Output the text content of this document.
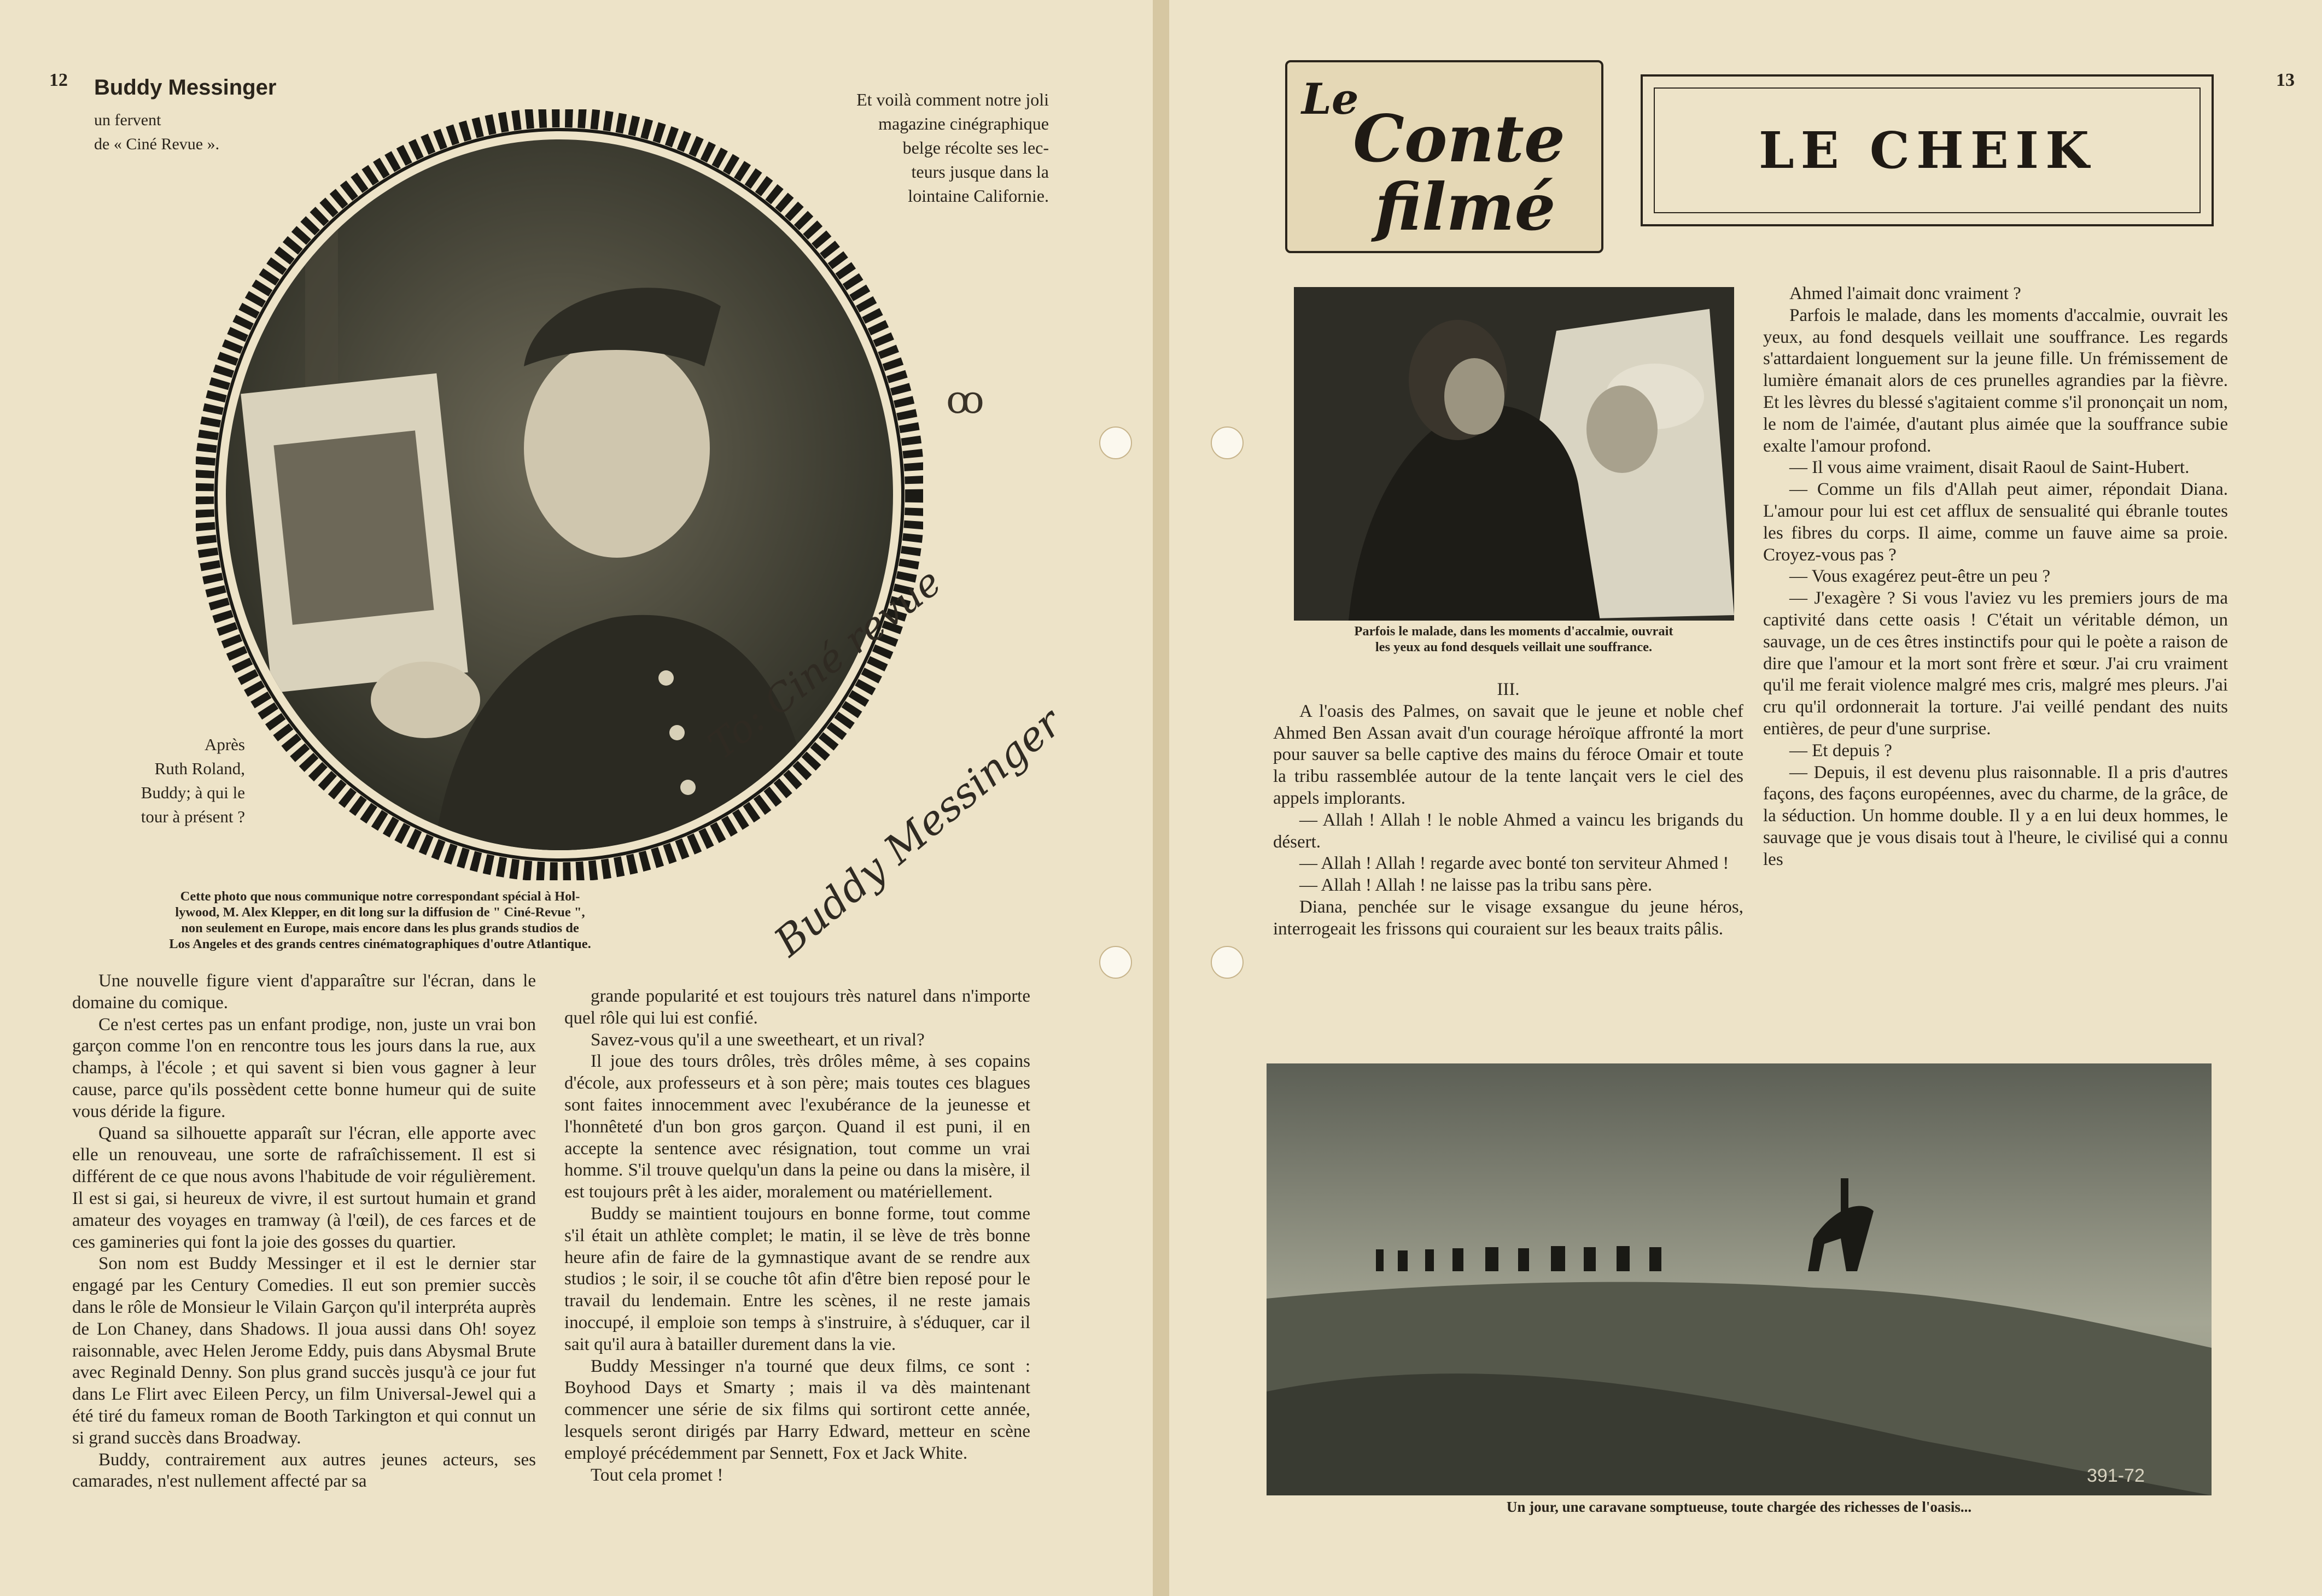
12 Buddy Messinger
un fervent
de « Ciné Revue ».
Et voilà comment notre joli
magazine cinégraphique
belge récolte ses lec-
teurs jusque dans la
lointaine Californie.
ꝏ
Après
Ruth Roland,
Buddy; à qui le
tour à présent ?
To: Ciné revue
Buddy Messinger
Cette photo que nous communique notre correspondant spécial à Hol-
lywood, M. Alex Klepper, en dit long sur la diffusion de " Ciné-Revue ",
non seulement en Europe, mais encore dans les plus grands studios de
Los Angeles et des grands centres cinématographiques d'outre Atlantique.

Une nouvelle figure vient d'apparaître sur l'écran, dans le domaine du comique.

Ce n'est certes pas un enfant prodige, non, juste un vrai bon garçon comme l'on en rencontre tous les jours dans la rue, aux champs, à l'école ; et qui savent si bien vous gagner à leur cause, parce qu'ils possèdent cette bonne humeur qui de suite vous déride la figure.

Quand sa silhouette apparaît sur l'écran, elle apporte avec elle un renouveau, une sorte de rafraîchissement. Il est si différent de ce que nous avons l'habitude de voir régulièrement. Il est si gai, si heureux de vivre, il est surtout humain et grand amateur des voyages en tramway (à l'œil), de ces farces et de ces gamineries qui font la joie des gosses du quartier.

Son nom est Buddy Messinger et il est le dernier star engagé par les Century Comedies. Il eut son premier succès dans le rôle de Monsieur le Vilain Garçon qu'il interpréta auprès de Lon Chaney, dans Shadows. Il joua aussi dans Oh! soyez raisonnable, avec Helen Jerome Eddy, puis dans Abysmal Brute avec Reginald Denny. Son plus grand succès jusqu'à ce jour fut dans Le Flirt avec Eileen Percy, un film Universal-Jewel qui a été tiré du fameux roman de Booth Tarkington et qui connut un si grand succès dans Broadway.

Buddy, contrairement aux autres jeunes acteurs, ses camarades, n'est nullement affecté par sa

grande popularité et est toujours très naturel dans n'importe quel rôle qui lui est confié.

Savez-vous qu'il a une sweetheart, et un rival?

Il joue des tours drôles, très drôles même, à ses copains d'école, aux professeurs et à son père; mais toutes ces blagues sont faites innocemment avec l'exubérance de la jeunesse et l'honnêteté d'un bon gros garçon. Quand il est puni, il en accepte la sentence avec résignation, tout comme un vrai homme. S'il trouve quelqu'un dans la peine ou dans la misère, il est toujours prêt à les aider, moralement ou matériellement.

Buddy se maintient toujours en bonne forme, tout comme s'il était un athlète complet; le matin, il se lève de très bonne heure afin de faire de la gymnastique avant de se rendre aux studios ; le soir, il se couche tôt afin d'être bien reposé pour le travail du lendemain. Entre les scènes, il ne reste jamais inoccupé, il emploie son temps à s'instruire, à s'éduquer, car il sait qu'il aura à batailler durement dans la vie.

Buddy Messinger n'a tourné que deux films, ce sont : Boyhood Days et Smarty ; mais il va dès maintenant commencer une série de six films qui sortiront cette année, lesquels seront dirigés par Harry Edward, metteur en scène employé précédemment par Sennett, Fox et Jack White.

Tout cela promet !

13
Le
Conte
filmé
LE CHEIK
Parfois le malade, dans les moments d'accalmie, ouvrait
les yeux au fond desquels veillait une souffrance.

III.

A l'oasis des Palmes, on savait que le jeune et noble chef Ahmed Ben Assan avait d'un courage héroïque affronté la mort pour sauver sa belle captive des mains du féroce Omair et toute la tribu rassemblée autour de la tente lançait vers le ciel des appels implorants.

— Allah ! Allah ! le noble Ahmed a vaincu les brigands du désert.

— Allah ! Allah ! regarde avec bonté ton serviteur Ahmed !

— Allah ! Allah ! ne laisse pas la tribu sans père.

Diana, penchée sur le visage exsangue du jeune héros, interrogeait les frissons qui couraient sur les beaux traits pâlis.

Ahmed l'aimait donc vraiment ?

Parfois le malade, dans les moments d'accalmie, ouvrait les yeux, au fond desquels veillait une souffrance. Les regards s'attardaient longuement sur la jeune fille. Un frémissement de lumière émanait alors de ces prunelles agrandies par la fièvre. Et les lèvres du blessé s'agitaient comme s'il prononçait un nom, le nom de l'aimée, d'autant plus aimée que la souffrance subie exalte l'amour profond.

— Il vous aime vraiment, disait Raoul de Saint-Hubert.

— Comme un fils d'Allah peut aimer, répondait Diana. L'amour pour lui est cet afflux de sensualité qui ébranle toutes les fibres du corps. Il aime, comme un fauve aime sa proie. Croyez-vous pas ?

— Vous exagérez peut-être un peu ?

— J'exagère ? Si vous l'aviez vu les premiers jours de ma captivité dans cette oasis ! C'était un véritable démon, un sauvage, un de ces êtres instinctifs pour qui le poète a raison de dire que l'amour et la mort sont frère et sœur. J'ai cru vraiment qu'il me ferait violence malgré mes cris, malgré mes pleurs. J'ai cru qu'il ordonnerait la torture. J'ai veillé pendant des nuits entières, de peur d'une surprise.

— Et depuis ?

— Depuis, il est devenu plus raisonnable. Il a pris d'autres façons, des façons européennes, avec du charme, de la grâce, de la séduction. Un homme double. Il y a en lui deux hommes, le sauvage que je vous disais tout à l'heure, le civilisé qui a connu les

391-72
Un jour, une caravane somptueuse, toute chargée des richesses de l'oasis...
